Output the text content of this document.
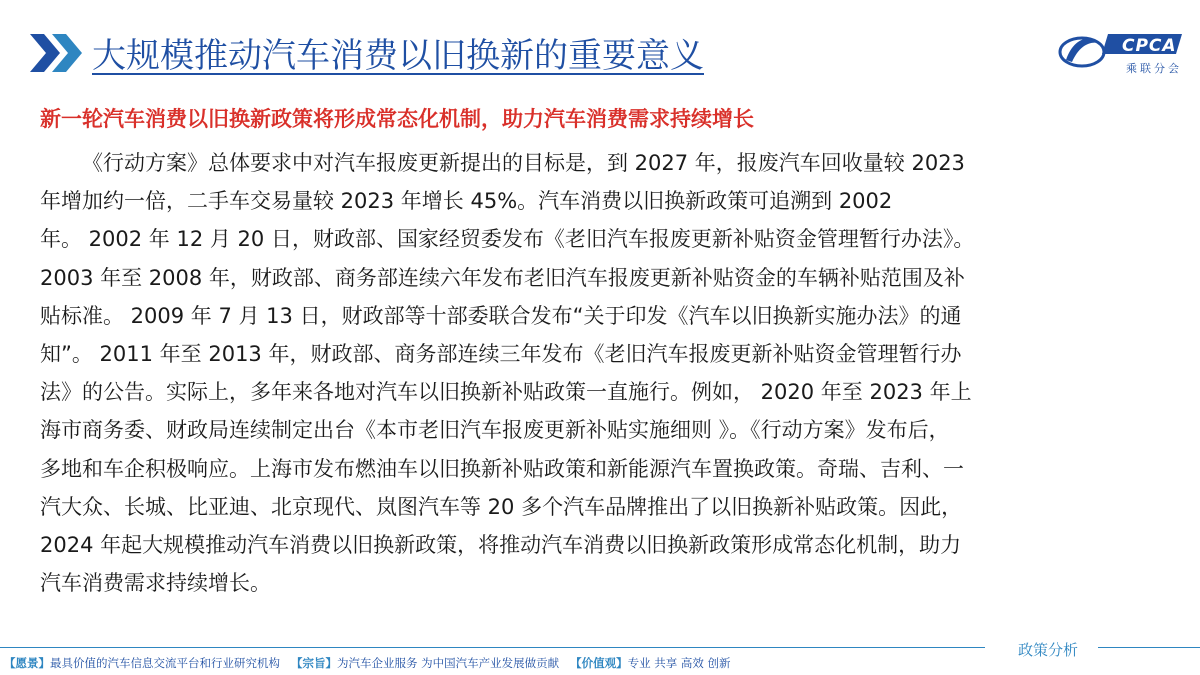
大规模推动汽车消费以旧换新的重要意义	CPCA
乘联分会
新一轮汽车消费以旧换新政策将形成常态化机制，助力汽车消费需求持续增长
《行动方案》总体要求中对汽车报废更新提出的目标是，到 2027 年，报废汽车回收量较 2023
年增加约一倍，二手车交易量较 2023 年增长 45%。汽车消费以旧换新政策可追溯到 2002
年。 2002 年 12 月 20 日，财政部、国家经贸委发布《老旧汽车报废更新补贴资金管理暂行办法》。
2003 年至 2008 年，财政部、商务部连续六年发布老旧汽车报废更新补贴资金的车辆补贴范围及补
贴标准。 2009 年 7 月 13 日，财政部等十部委联合发布“关于印发《汽车以旧换新实施办法》的通
知”。 2011 年至 2013 年，财政部、商务部连续三年发布《老旧汽车报废更新补贴资金管理暂行办
法》的公告。实际上，多年来各地对汽车以旧换新补贴政策一直施行。例如， 2020 年至 2023 年上
海市商务委、财政局连续制定出台《本市老旧汽车报废更新补贴实施细则 》。《行动方案》发布后，
多地和车企积极响应。上海市发布燃油车以旧换新补贴政策和新能源汽车置换政策。奇瑞、吉利、一
汽大众、长城、比亚迪、北京现代、岚图汽车等 20 多个汽车品牌推出了以旧换新补贴政策。因此，
2024 年起大规模推动汽车消费以旧换新政策，将推动汽车消费以旧换新政策形成常态化机制，助力
汽车消费需求持续增长。
政策分析
【愿景】最具价值的汽车信息交流平台和行业研究机构 【宗旨】为汽车企业服务 为中国汽车产业发展做贡献 【价值观】专业 共享 高效 创新
